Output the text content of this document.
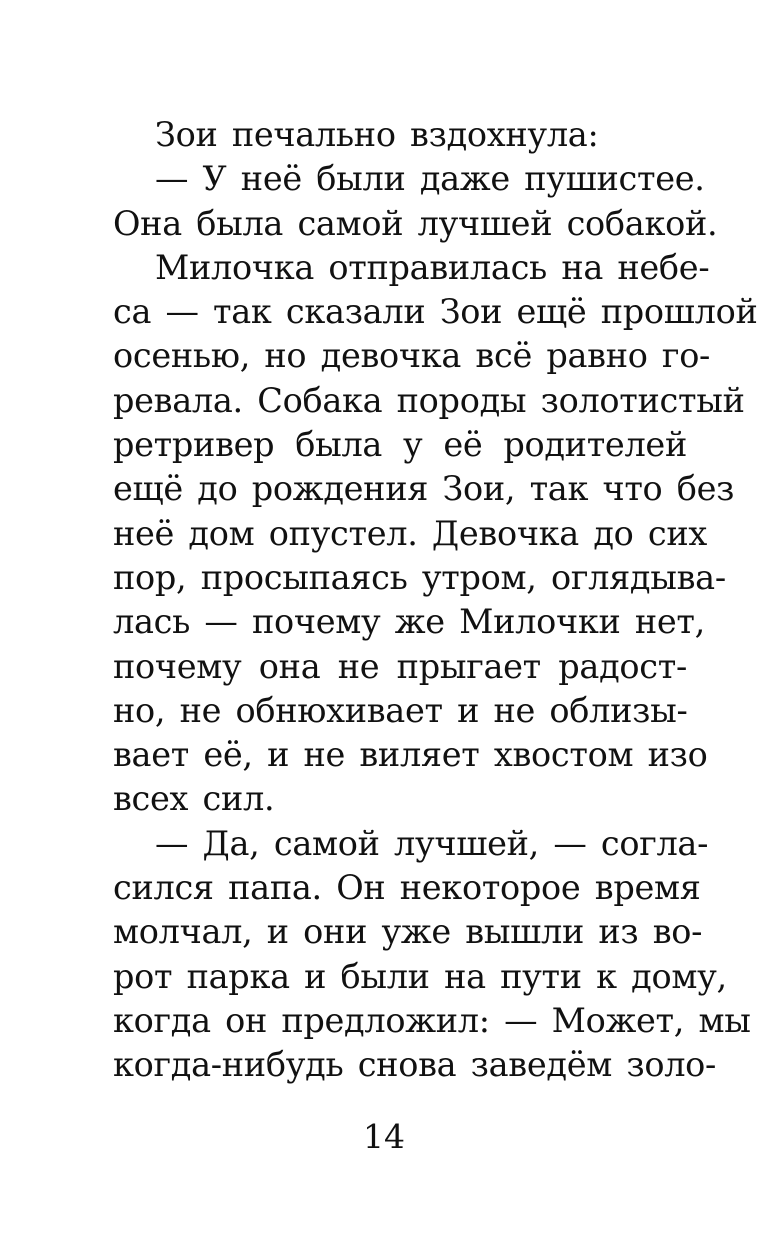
Зои печально вздохнула:
— У неё были даже пушистее.
Она была самой лучшей собакой.
Милочка отправилась на небе-
са — так сказали Зои ещё прошлой
осенью, но девочка всё равно го-
ревала. Собака породы золотистый
ретривер была у её родителей
ещё до рождения Зои, так что без
неё дом опустел. Девочка до сих
пор, просыпаясь утром, оглядыва-
лась — почему же Милочки нет,
почему она не прыгает радост-
но, не обнюхивает и не облизы-
вает её, и не виляет хвостом изо
всех сил.
— Да, самой лучшей, — согла-
сился папа. Он некоторое время
молчал, и они уже вышли из во-
рот парка и были на пути к дому,
когда он предложил: — Может, мы
когда-нибудь снова заведём золо-
14
